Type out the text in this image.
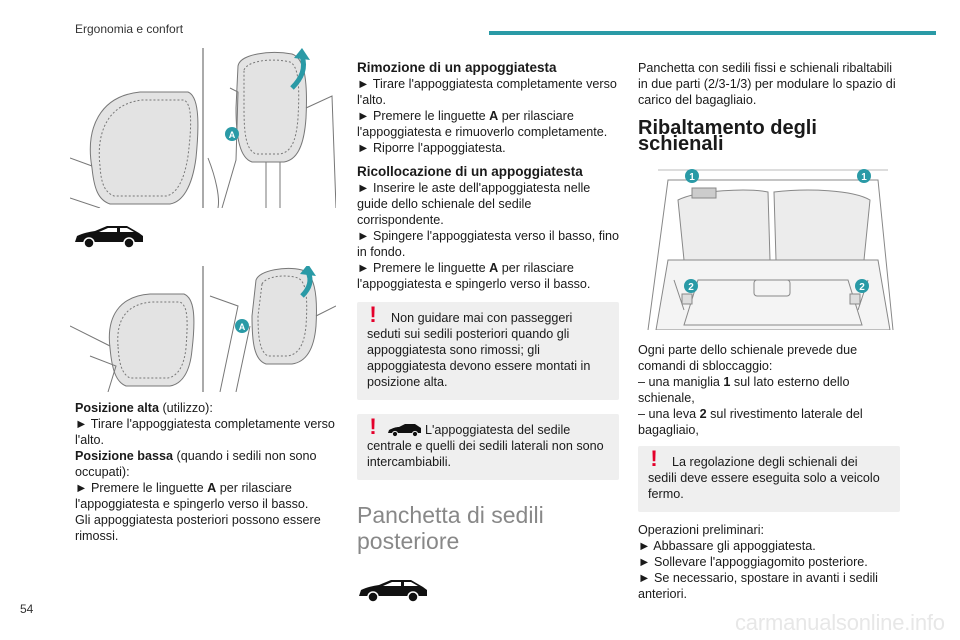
Ergonomia e confort
A
A

Posizione alta (utilizzo):

► Tirare l'appoggiatesta completamente verso l'alto.

Posizione bassa (quando i sedili non sono occupati):

► Premere le linguette A per rilasciare l'appoggiatesta e spingerlo verso il basso.

Gli appoggiatesta posteriori possono essere rimossi.

Rimozione di un appoggiatesta

► Tirare l'appoggiatesta completamente verso l'alto.

► Premere le linguette A per rilasciare l'appoggiatesta e rimuoverlo completamente.

► Riporre l'appoggiatesta.

Ricollocazione di un appoggiatesta

► Inserire le aste dell'appoggiatesta nelle guide dello schienale del sedile corrispondente.

► Spingere l'appoggiatesta verso il basso, fino in fondo.

► Premere le linguette A per rilasciare l'appoggiatesta e spingerlo verso il basso.

!	Non guidare mai con passeggeri seduti sui sedili posteriori quando gli appoggiatesta sono rimossi; gli appoggiatesta devono essere montati in posizione alta.

!	L'appoggiatesta del sedile centrale e quelli dei sedili laterali non sono intercambiabili.

Panchetta di sedili posteriore

Panchetta con sedili fissi e schienali ribaltabili in due parti (2/3-1/3) per modulare lo spazio di carico del bagagliaio.

Ribaltamento degli schienali

1	1
2	2

Ogni parte dello schienale prevede due comandi di sbloccaggio:

– una maniglia 1 sul lato esterno dello schienale,

– una leva 2 sul rivestimento laterale del bagagliaio,

!	La regolazione degli schienali dei sedili deve essere eseguita solo a veicolo fermo.

Operazioni preliminari:

► Abbassare gli appoggiatesta.

► Sollevare l'appoggiagomito posteriore.

► Se necessario, spostare in avanti i sedili anteriori.

54
carmanualsonline.info
